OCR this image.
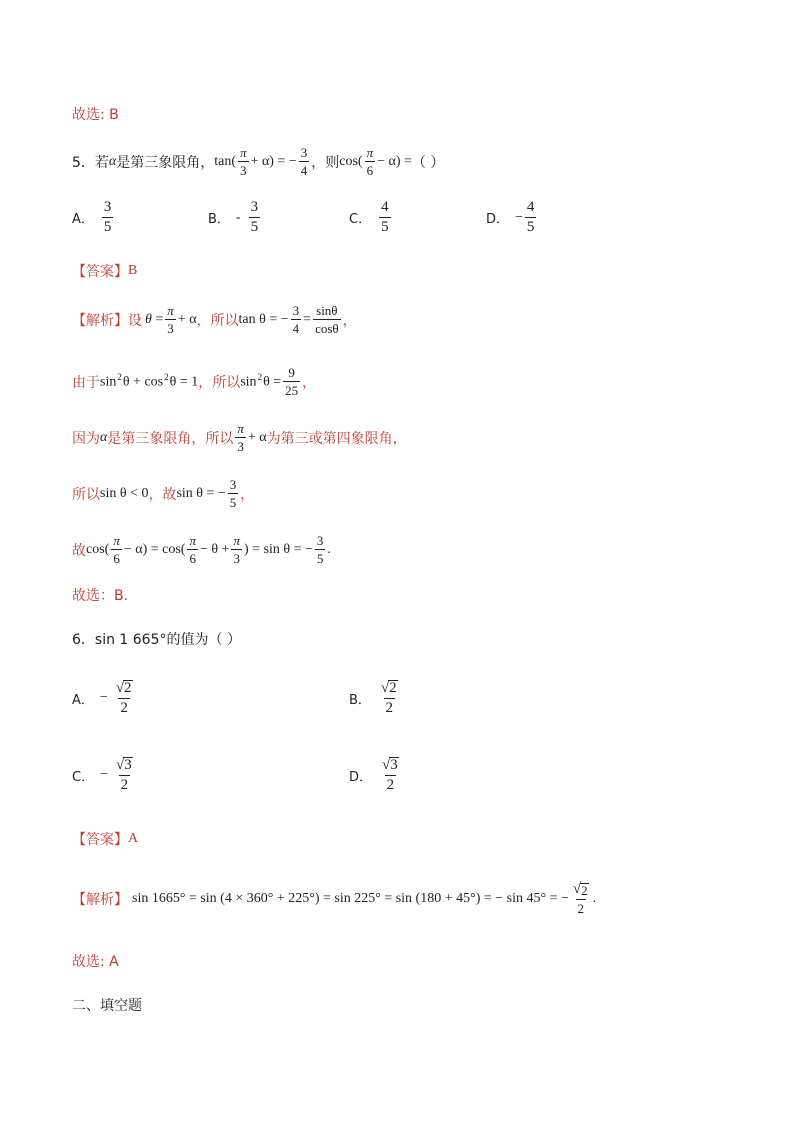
故选: B
5．若 α 是第三象限角， $\tan( \frac{\pi}{3} + \alpha)$ = − $\frac{3}{4}$ ，则 $\cos( \frac{\pi}{6} - \alpha)$ = （ ）
A． $\frac{3}{5}$	B． - $\frac{3}{5}$	C． $\frac{4}{5}$	D． − $\frac{4}{5}$
【答案】 B
【解析】 设 $\theta = \frac{\pi}{3} + \alpha$ ，所以 tan θ = − $\frac{3}{4} = \frac{\sin\theta}{\cos\theta}$ ，
由于 $\sin^2\theta + \cos^2\theta = 1$ ，所以 $\sin^2\theta = \frac{9}{25}$ ，
因为 α 是第三象限角，所以 $\frac{\pi}{3} + \alpha$ 为第三或第四象限角，
所以 sin θ < 0 ，故 sin θ = − $\frac{3}{5}$ ，
故 $\cos( \frac{\pi}{6} - \alpha) = \cos( \frac{\pi}{6} - \theta + \frac{\pi}{3}$ ) = sin θ = − $\frac{3}{5}$ .
故选：B.
6．sin 1 665°的值为（ ）
A． − $\frac{√ 2}{2}$	B． $\frac{√ 2}{2}$
C． − $\frac{√ 3}{2}$	D． $\frac{√ 3}{2}$
【答案】 A
【解析】 sin 1665° = sin (4 × 360° + 225°) = sin 225° = sin (180 + 45°) = − sin 45° = − $\frac{√ 2}{2}$ .
故选: A
二、填空题
